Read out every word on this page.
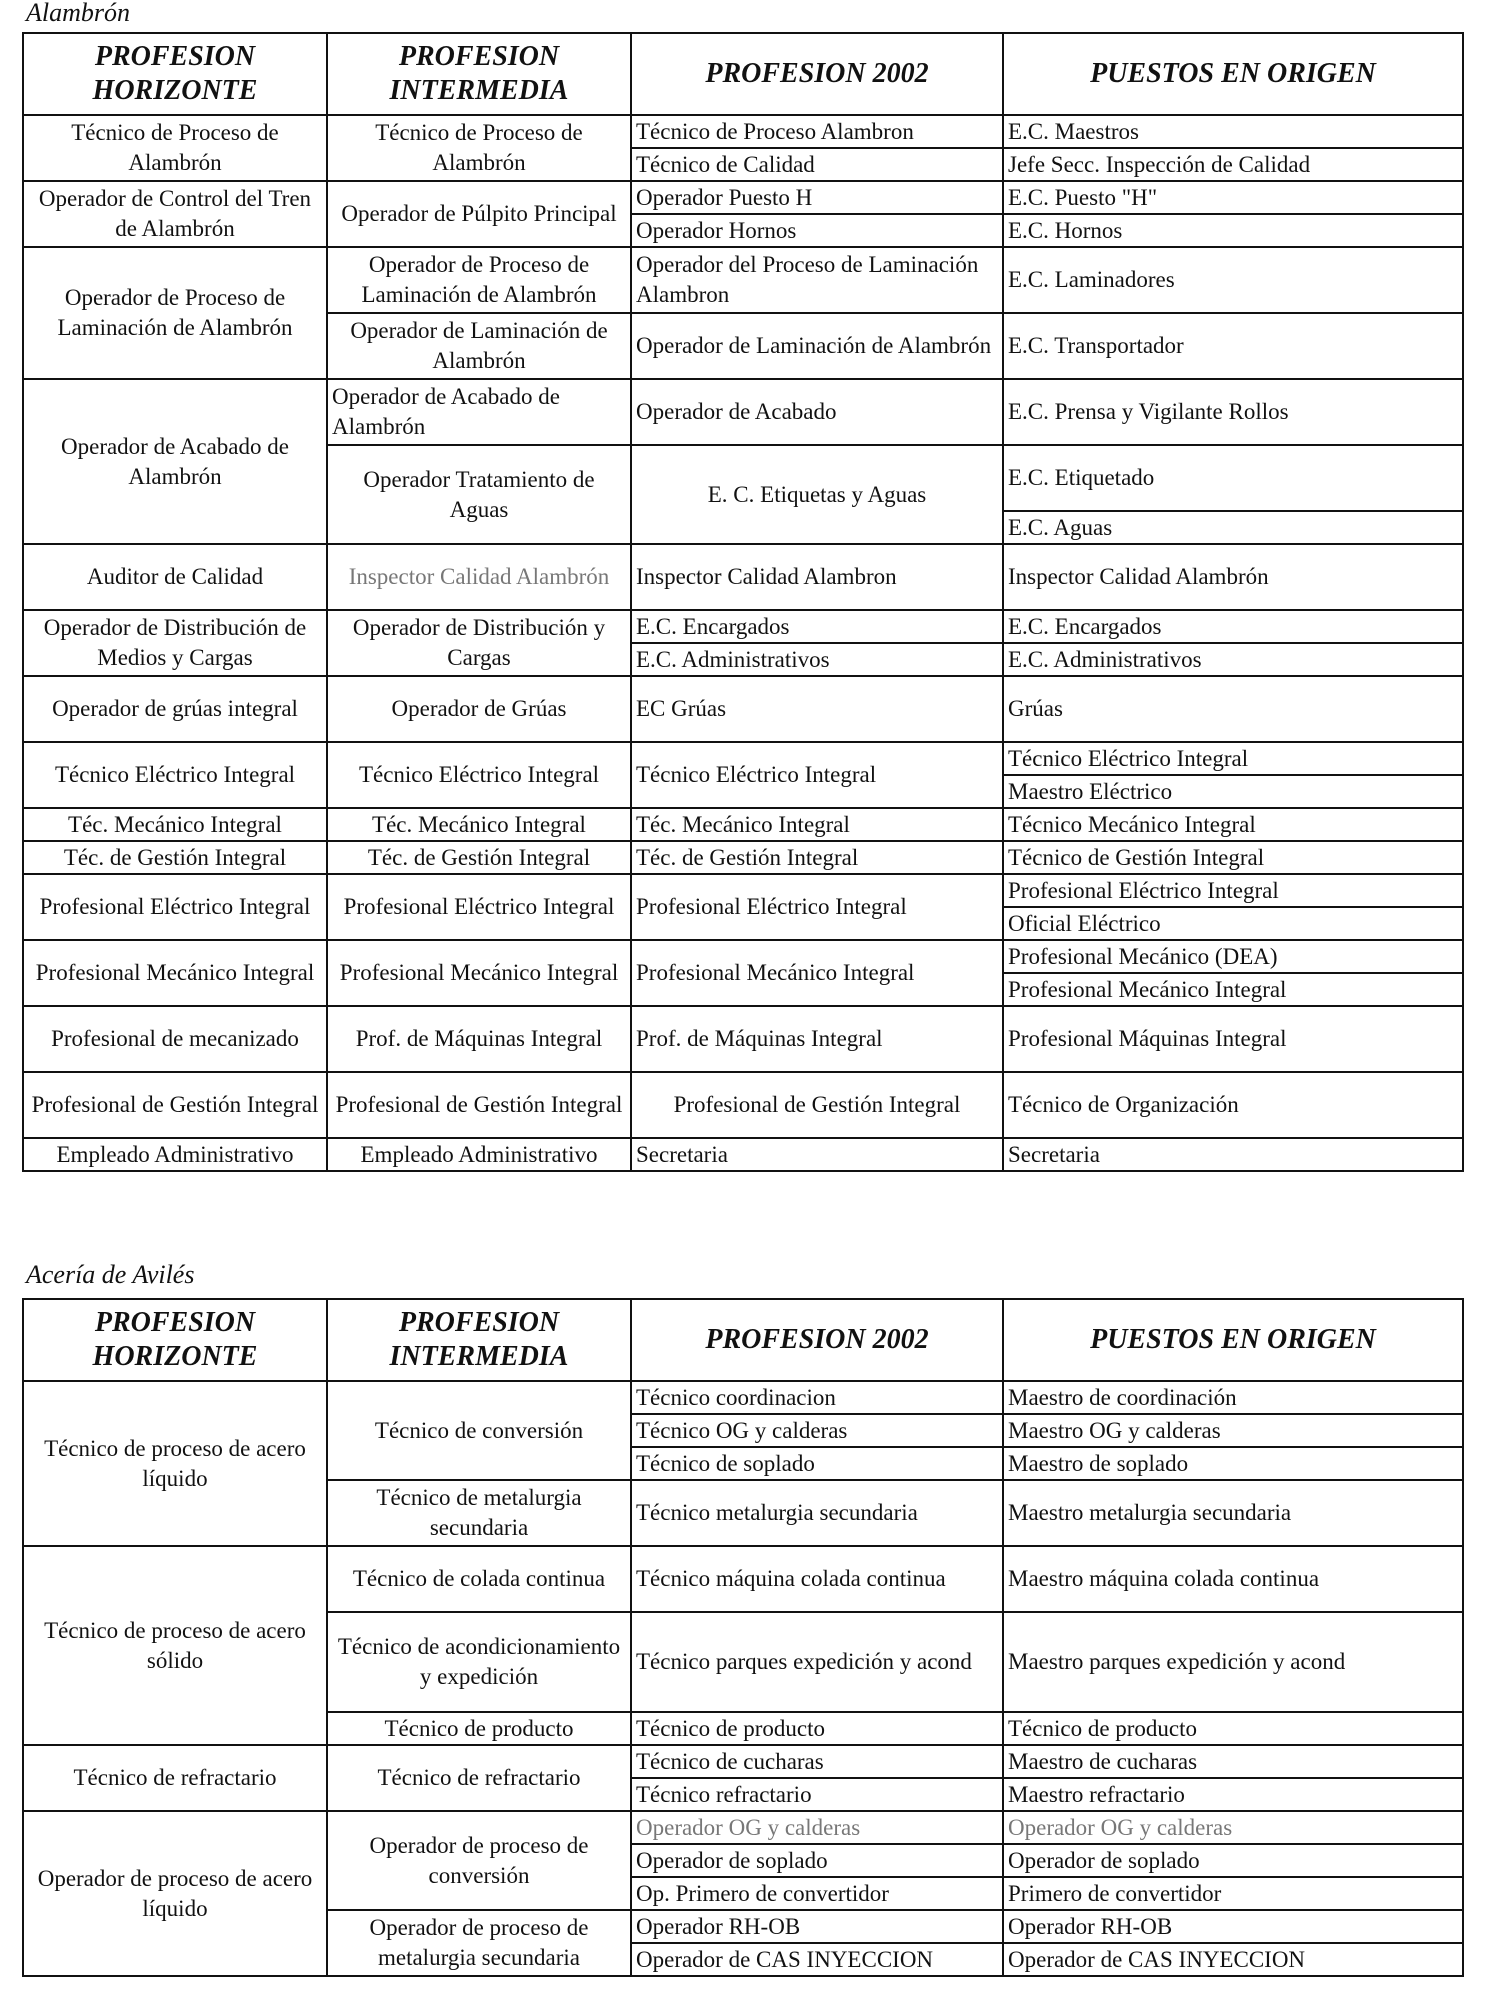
Alambrón
PROFESION HORIZONTE	PROFESION INTERMEDIA	PROFESION 2002	PUESTOS EN ORIGEN
Técnico de Proceso de Alambrón	Técnico de Proceso de Alambrón	Técnico de Proceso Alambron	E.C. Maestros
		Técnico de Calidad	Jefe Secc. Inspección de Calidad
Operador de Control del Tren de Alambrón	Operador de Púlpito Principal	Operador Puesto H	E.C. Puesto "H"
		Operador Hornos	E.C. Hornos
Operador de Proceso de Laminación de Alambrón	Operador de Proceso de Laminación de Alambrón	Operador del Proceso de Laminación Alambron	E.C. Laminadores
	Operador de Laminación de Alambrón	Operador de Laminación de Alambrón	E.C. Transportador
Operador de Acabado de Alambrón	Operador de Acabado de Alambrón	Operador de Acabado	E.C. Prensa y Vigilante Rollos
	Operador Tratamiento de Aguas	E. C. Etiquetas y Aguas	E.C. Etiquetado
			E.C. Aguas
Auditor de Calidad	Inspector Calidad Alambrón	Inspector Calidad Alambron	Inspector Calidad Alambrón
Operador de Distribución de Medios y Cargas	Operador de Distribución y Cargas	E.C. Encargados	E.C. Encargados
		E.C. Administrativos	E.C. Administrativos
Operador de grúas integral	Operador de Grúas	EC Grúas	Grúas
Técnico Eléctrico Integral	Técnico Eléctrico Integral	Técnico Eléctrico Integral	Técnico Eléctrico Integral
			Maestro Eléctrico
Téc. Mecánico Integral	Téc. Mecánico Integral	Téc. Mecánico Integral	Técnico Mecánico Integral
Téc. de Gestión Integral	Téc. de Gestión Integral	Téc. de Gestión Integral	Técnico de Gestión Integral
Profesional Eléctrico Integral	Profesional Eléctrico Integral	Profesional Eléctrico Integral	Profesional Eléctrico Integral
			Oficial Eléctrico
Profesional Mecánico Integral	Profesional Mecánico Integral	Profesional Mecánico Integral	Profesional Mecánico (DEA)
			Profesional Mecánico Integral
Profesional de mecanizado	Prof. de Máquinas Integral	Prof. de Máquinas Integral	Profesional Máquinas Integral
Profesional de Gestión Integral	Profesional de Gestión Integral	Profesional de Gestión Integral	Técnico de Organización
Empleado Administrativo	Empleado Administrativo	Secretaria	Secretaria
Acería de Avilés
PROFESION HORIZONTE	PROFESION INTERMEDIA	PROFESION 2002	PUESTOS EN ORIGEN
Técnico de proceso de acero líquido	Técnico de conversión	Técnico coordinacion	Maestro de coordinación
		Técnico OG y calderas	Maestro OG y calderas
		Técnico de soplado	Maestro de soplado
	Técnico de metalurgia secundaria	Técnico metalurgia secundaria	Maestro metalurgia secundaria
Técnico de proceso de acero sólido	Técnico de colada continua	Técnico máquina colada continua	Maestro máquina colada continua
	Técnico de acondicionamiento y expedición	Técnico parques expedición y acond	Maestro parques expedición y acond
	Técnico de producto	Técnico de producto	Técnico de producto
Técnico de refractario	Técnico de refractario	Técnico de cucharas	Maestro de cucharas
		Técnico refractario	Maestro refractario
Operador de proceso de acero líquido	Operador de proceso de conversión	Operador OG y calderas	Operador OG y calderas
		Operador de soplado	Operador de soplado
		Op. Primero de convertidor	Primero de convertidor
	Operador de proceso de metalurgia secundaria	Operador RH-OB	Operador RH-OB
		Operador de CAS INYECCION	Operador de CAS INYECCION
